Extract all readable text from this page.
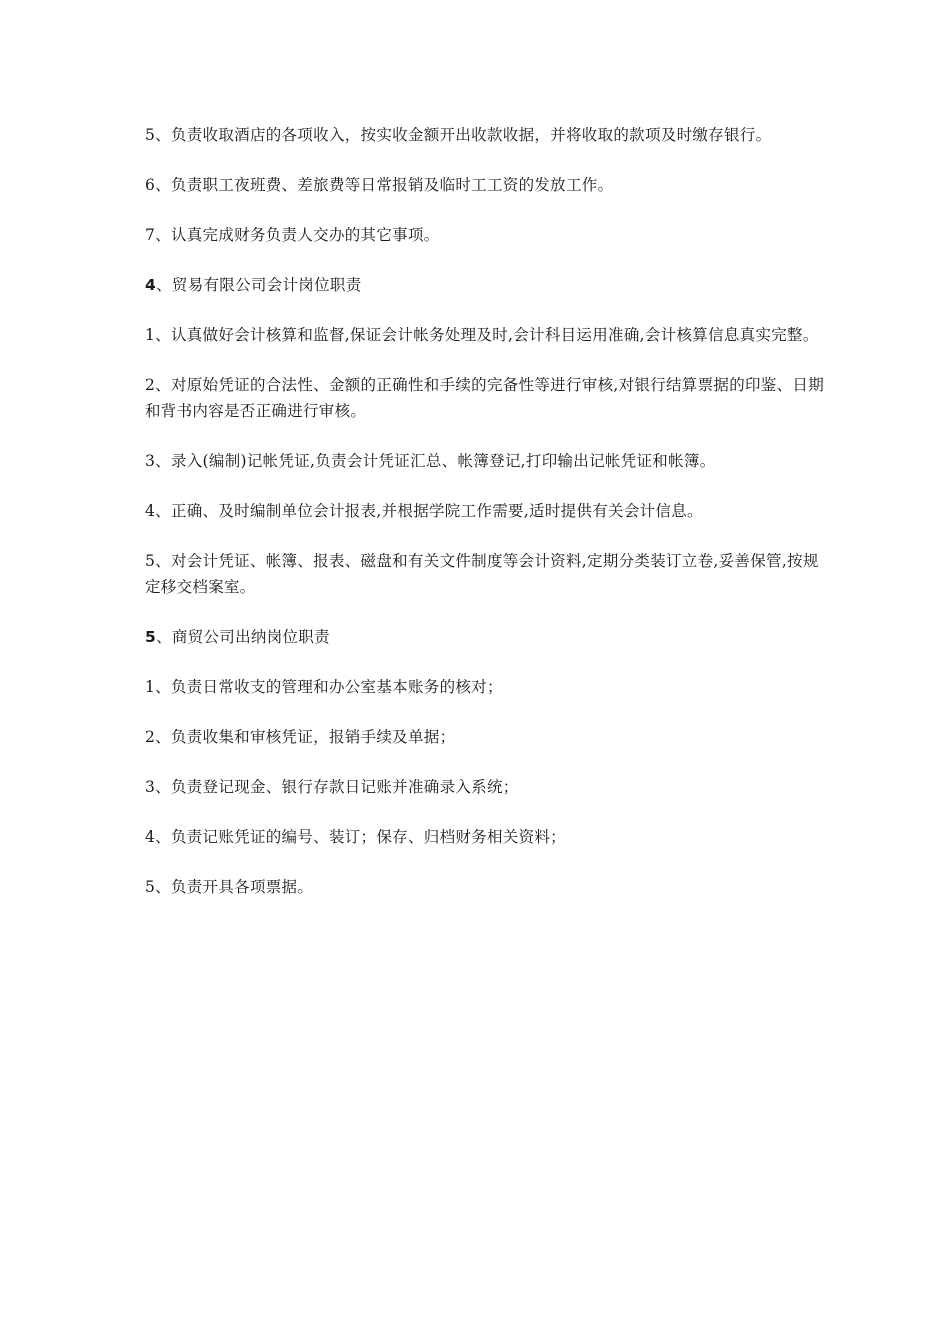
5、负责收取酒店的各项收入，按实收金额开出收款收据，并将收取的款项及时缴存银行。

6、负责职工夜班费、差旅费等日常报销及临时工工资的发放工作。

7、认真完成财务负责人交办的其它事项。

4、贸易有限公司会计岗位职责

1、认真做好会计核算和监督,保证会计帐务处理及时,会计科目运用准确,会计核算信息真实完整。

2、对原始凭证的合法性、金额的正确性和手续的完备性等进行审核,对银行结算票据的印鉴、日期和背书内容是否正确进行审核。

3、录入(编制)记帐凭证,负责会计凭证汇总、帐簿登记,打印输出记帐凭证和帐簿。

4、正确、及时编制单位会计报表,并根据学院工作需要,适时提供有关会计信息。

5、对会计凭证、帐簿、报表、磁盘和有关文件制度等会计资料,定期分类装订立卷,妥善保管,按规定移交档案室。

5、商贸公司出纳岗位职责

1、负责日常收支的管理和办公室基本账务的核对；

2、负责收集和审核凭证，报销手续及单据；

3、负责登记现金、银行存款日记账并准确录入系统；

4、负责记账凭证的编号、装订；保存、归档财务相关资料；

5、负责开具各项票据。
